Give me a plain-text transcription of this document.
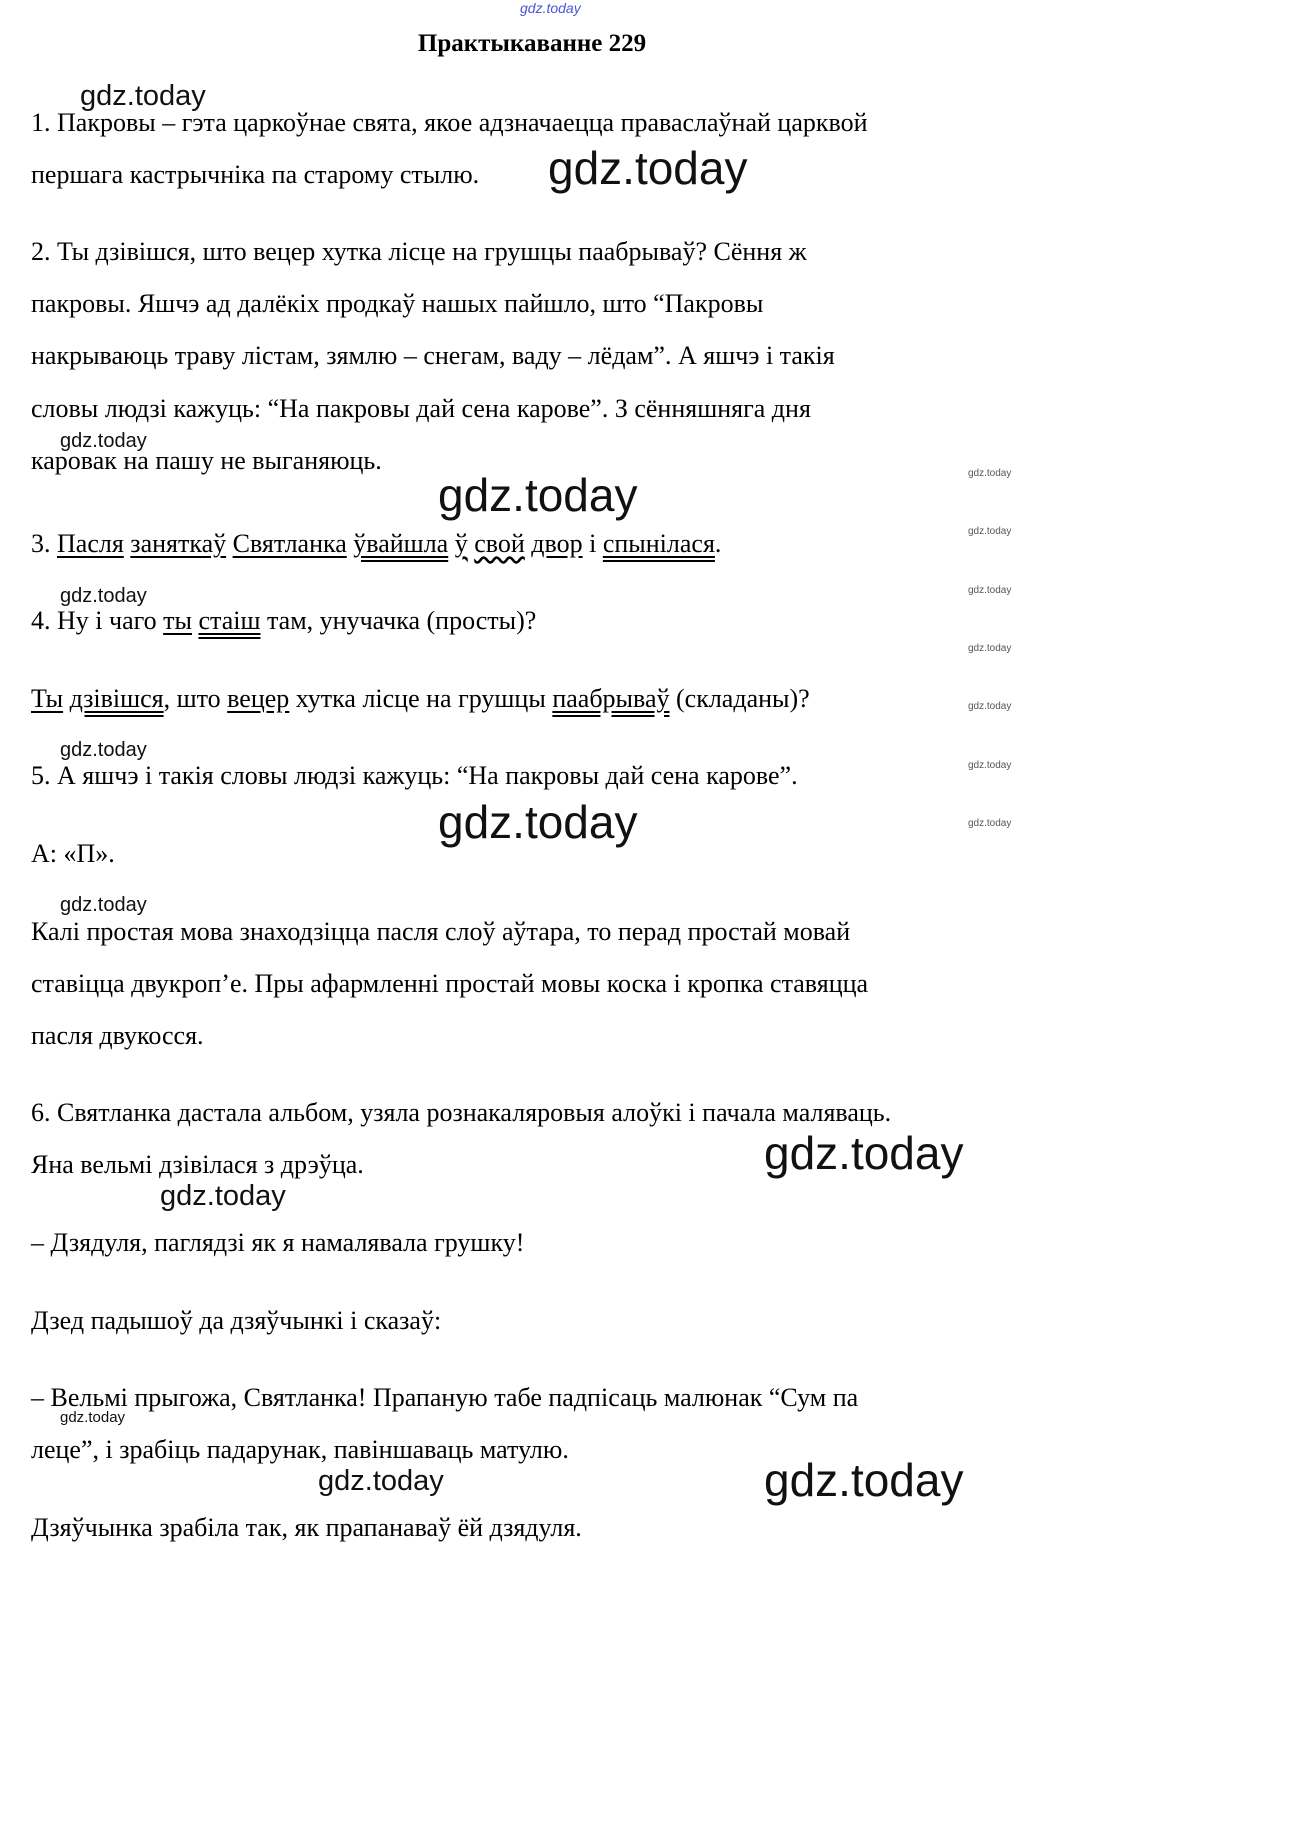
gdz.today
Практыкаванне 229
1. Пакровы – гэта царкоўнае свята, якое адзначаецца праваслаўнай царквой
першага кастрычніка па старому стылю.
2. Ты дзівішся, што вецер хутка лісце на грушцы паабрываў? Сёння ж
пакровы. Яшчэ ад далёкіх продкаў нашых пайшло, што “Пакровы
накрываюць траву лістам, зямлю – снегам, ваду – лёдам”. А яшчэ і такія
словы людзі кажуць: “На пакровы дай сена карове”. З сённяшняга дня
каровак на пашу не выганяюць.
3. Пасля заняткаў Святланка ўвайшла ў свой двор і спынілася.
4. Ну і чаго ты стаіш там, унучачка (просты)?
Ты дзівішся, што вецер хутка лісце на грушцы паабрываў (складаны)?
5. А яшчэ і такія словы людзі кажуць: “На пакровы дай сена карове”.
А: «П».
Калі простая мова знаходзіцца пасля слоў аўтара, то перад простай мовай
ставіцца двукроп’е. Пры афармленні простай мовы коска і кропка ставяцца
пасля двукосся.
6. Святланка дастала альбом, узяла рознакаляровыя алоўкі і пачала маляваць.
Яна вельмі дзівілася з дрэўца.
– Дзядуля, паглядзі як я намалявала грушку!
Дзед падышоў да дзяўчынкі і сказаў:
– Вельмі прыгожа, Святланка! Прапаную табе падпісаць малюнак “Сум па
леце”, і зрабіць падарунак, павіншаваць матулю.
Дзяўчынка зрабіла так, як прапанаваў ёй дзядуля.
gdz.today
gdz.today
gdz.today
gdz.today
gdz.today
gdz.today
gdz.today
gdz.today
gdz.today
gdz.today
gdz.today
gdz.today
gdz.today
gdz.today
gdz.today
gdz.today
gdz.today
gdz.today
gdz.today
gdz.today
